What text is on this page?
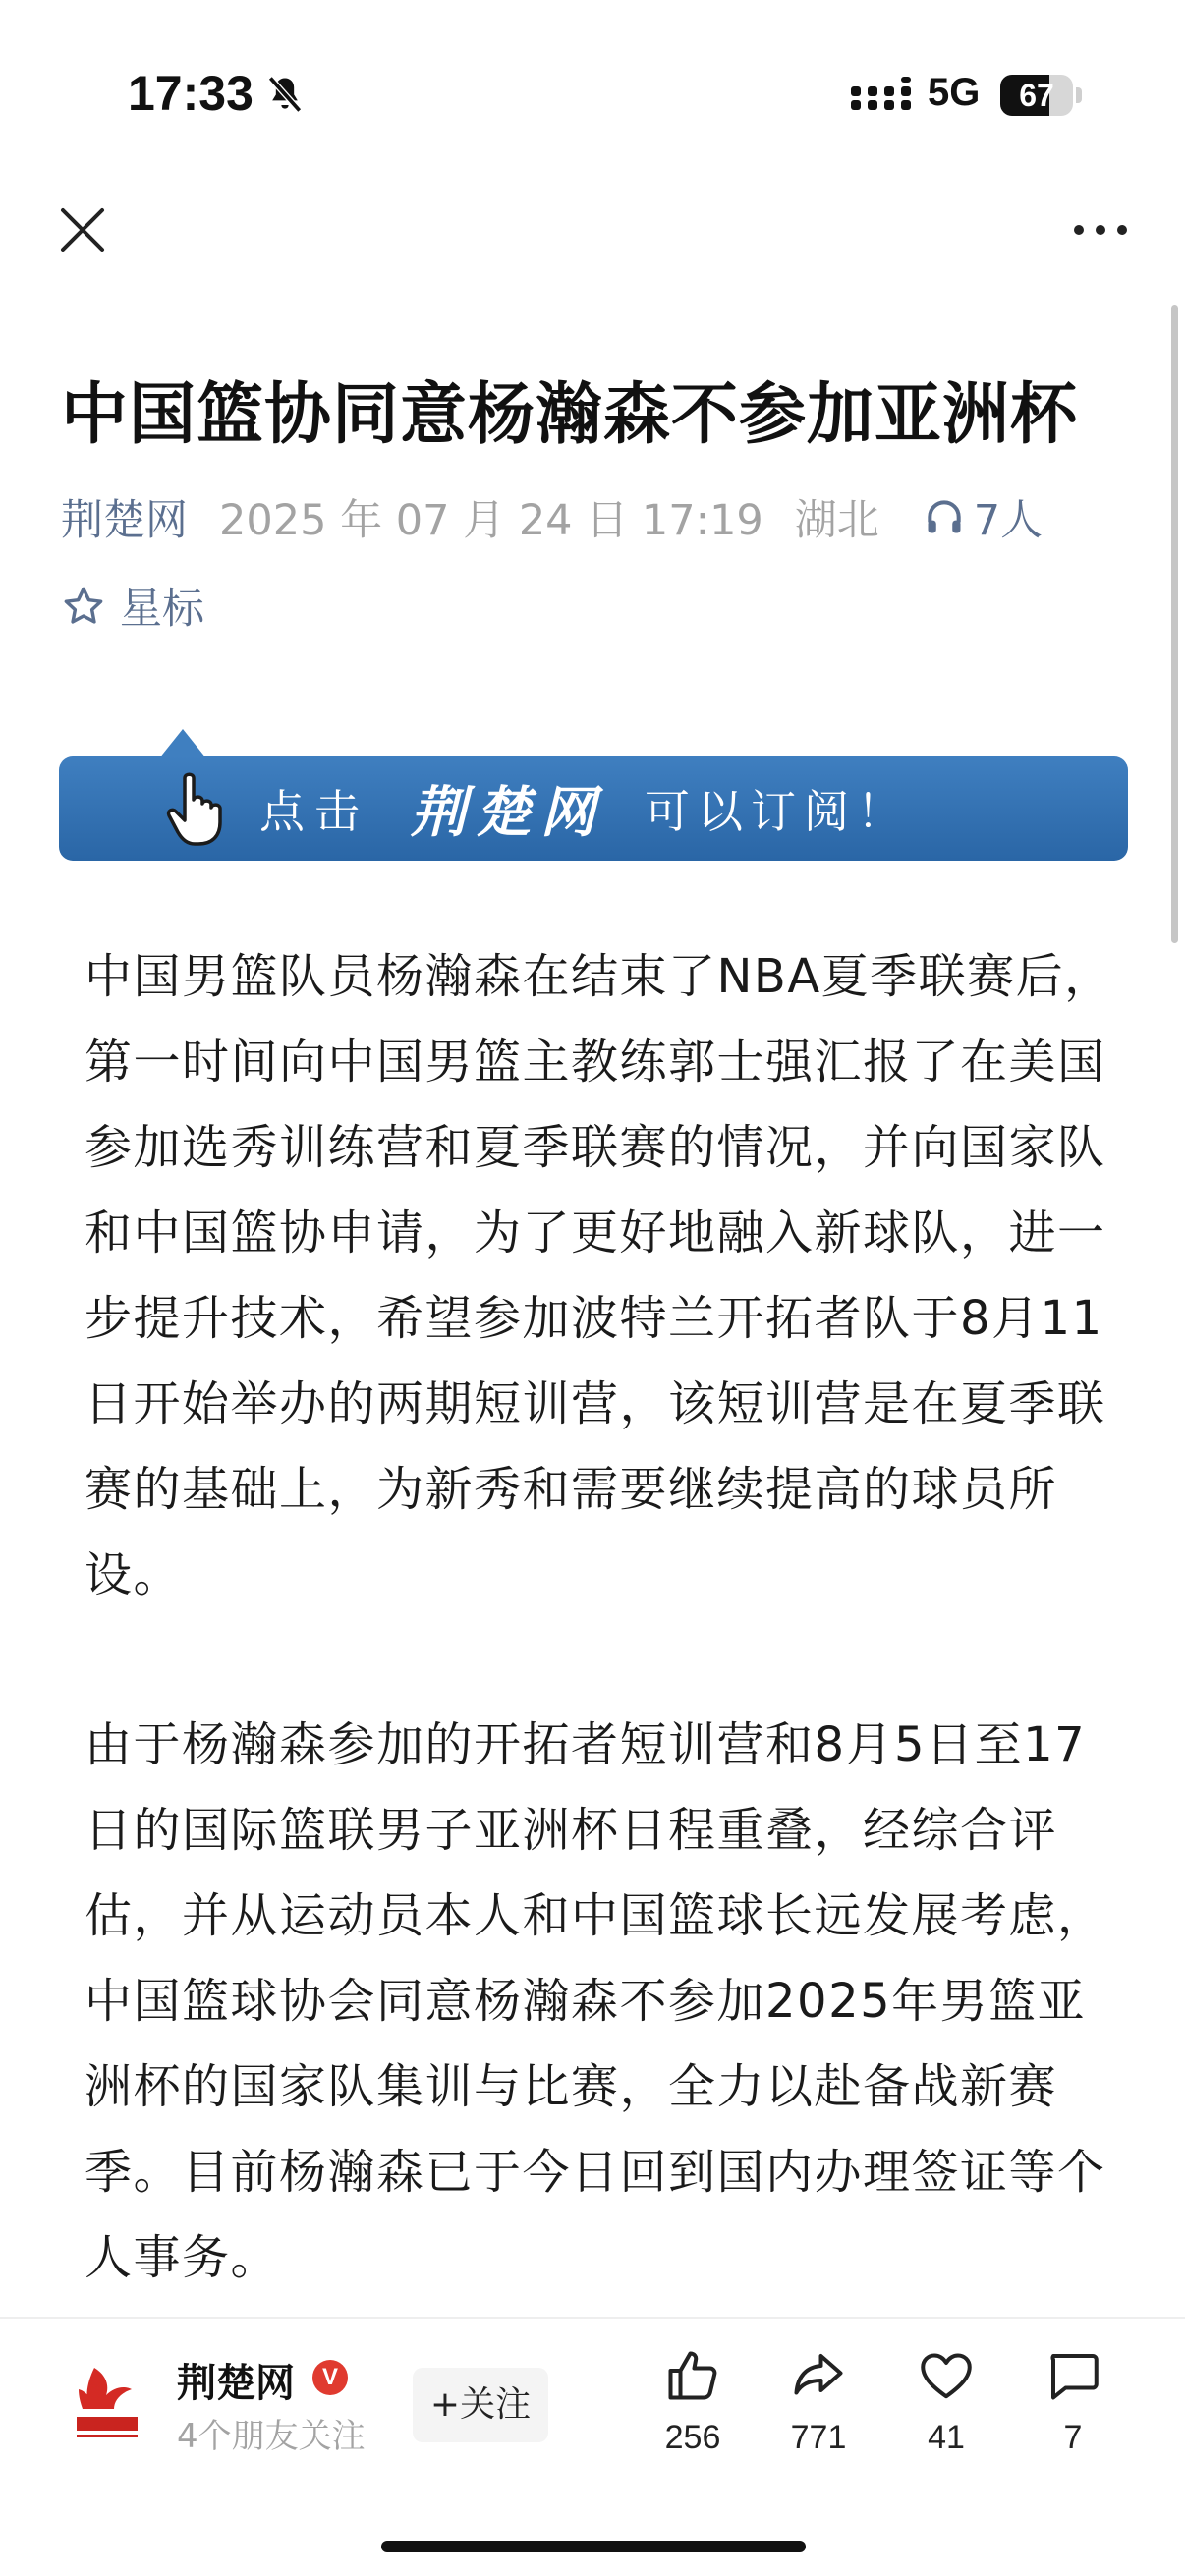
17:33	5G	67
中国篮协同意杨瀚森不参加亚洲杯
荆楚网 2025 年 07 月 24 日 17:19 湖北 7人
星标
点击 荆楚网 可以订阅！

中国男篮队员杨瀚森在结束了NBA夏季联赛后，第一时间向中国男篮主教练郭士强汇报了在美国参加选秀训练营和夏季联赛的情况，并向国家队和中国篮协申请，为了更好地融入新球队，进一步提升技术，希望参加波特兰开拓者队于8月11日开始举办的两期短训营，该短训营是在夏季联赛的基础上，为新秀和需要继续提高的球员所设。

由于杨瀚森参加的开拓者短训营和8月5日至17日的国际篮联男子亚洲杯日程重叠，经综合评估，并从运动员本人和中国篮球长远发展考虑，中国篮球协会同意杨瀚森不参加2025年男篮亚洲杯的国家队集训与比赛，全力以赴备战新赛季。目前杨瀚森已于今日回到国内办理签证等个人事务。

荆楚网	V
4个朋友关注
+关注
256	771	41	7
